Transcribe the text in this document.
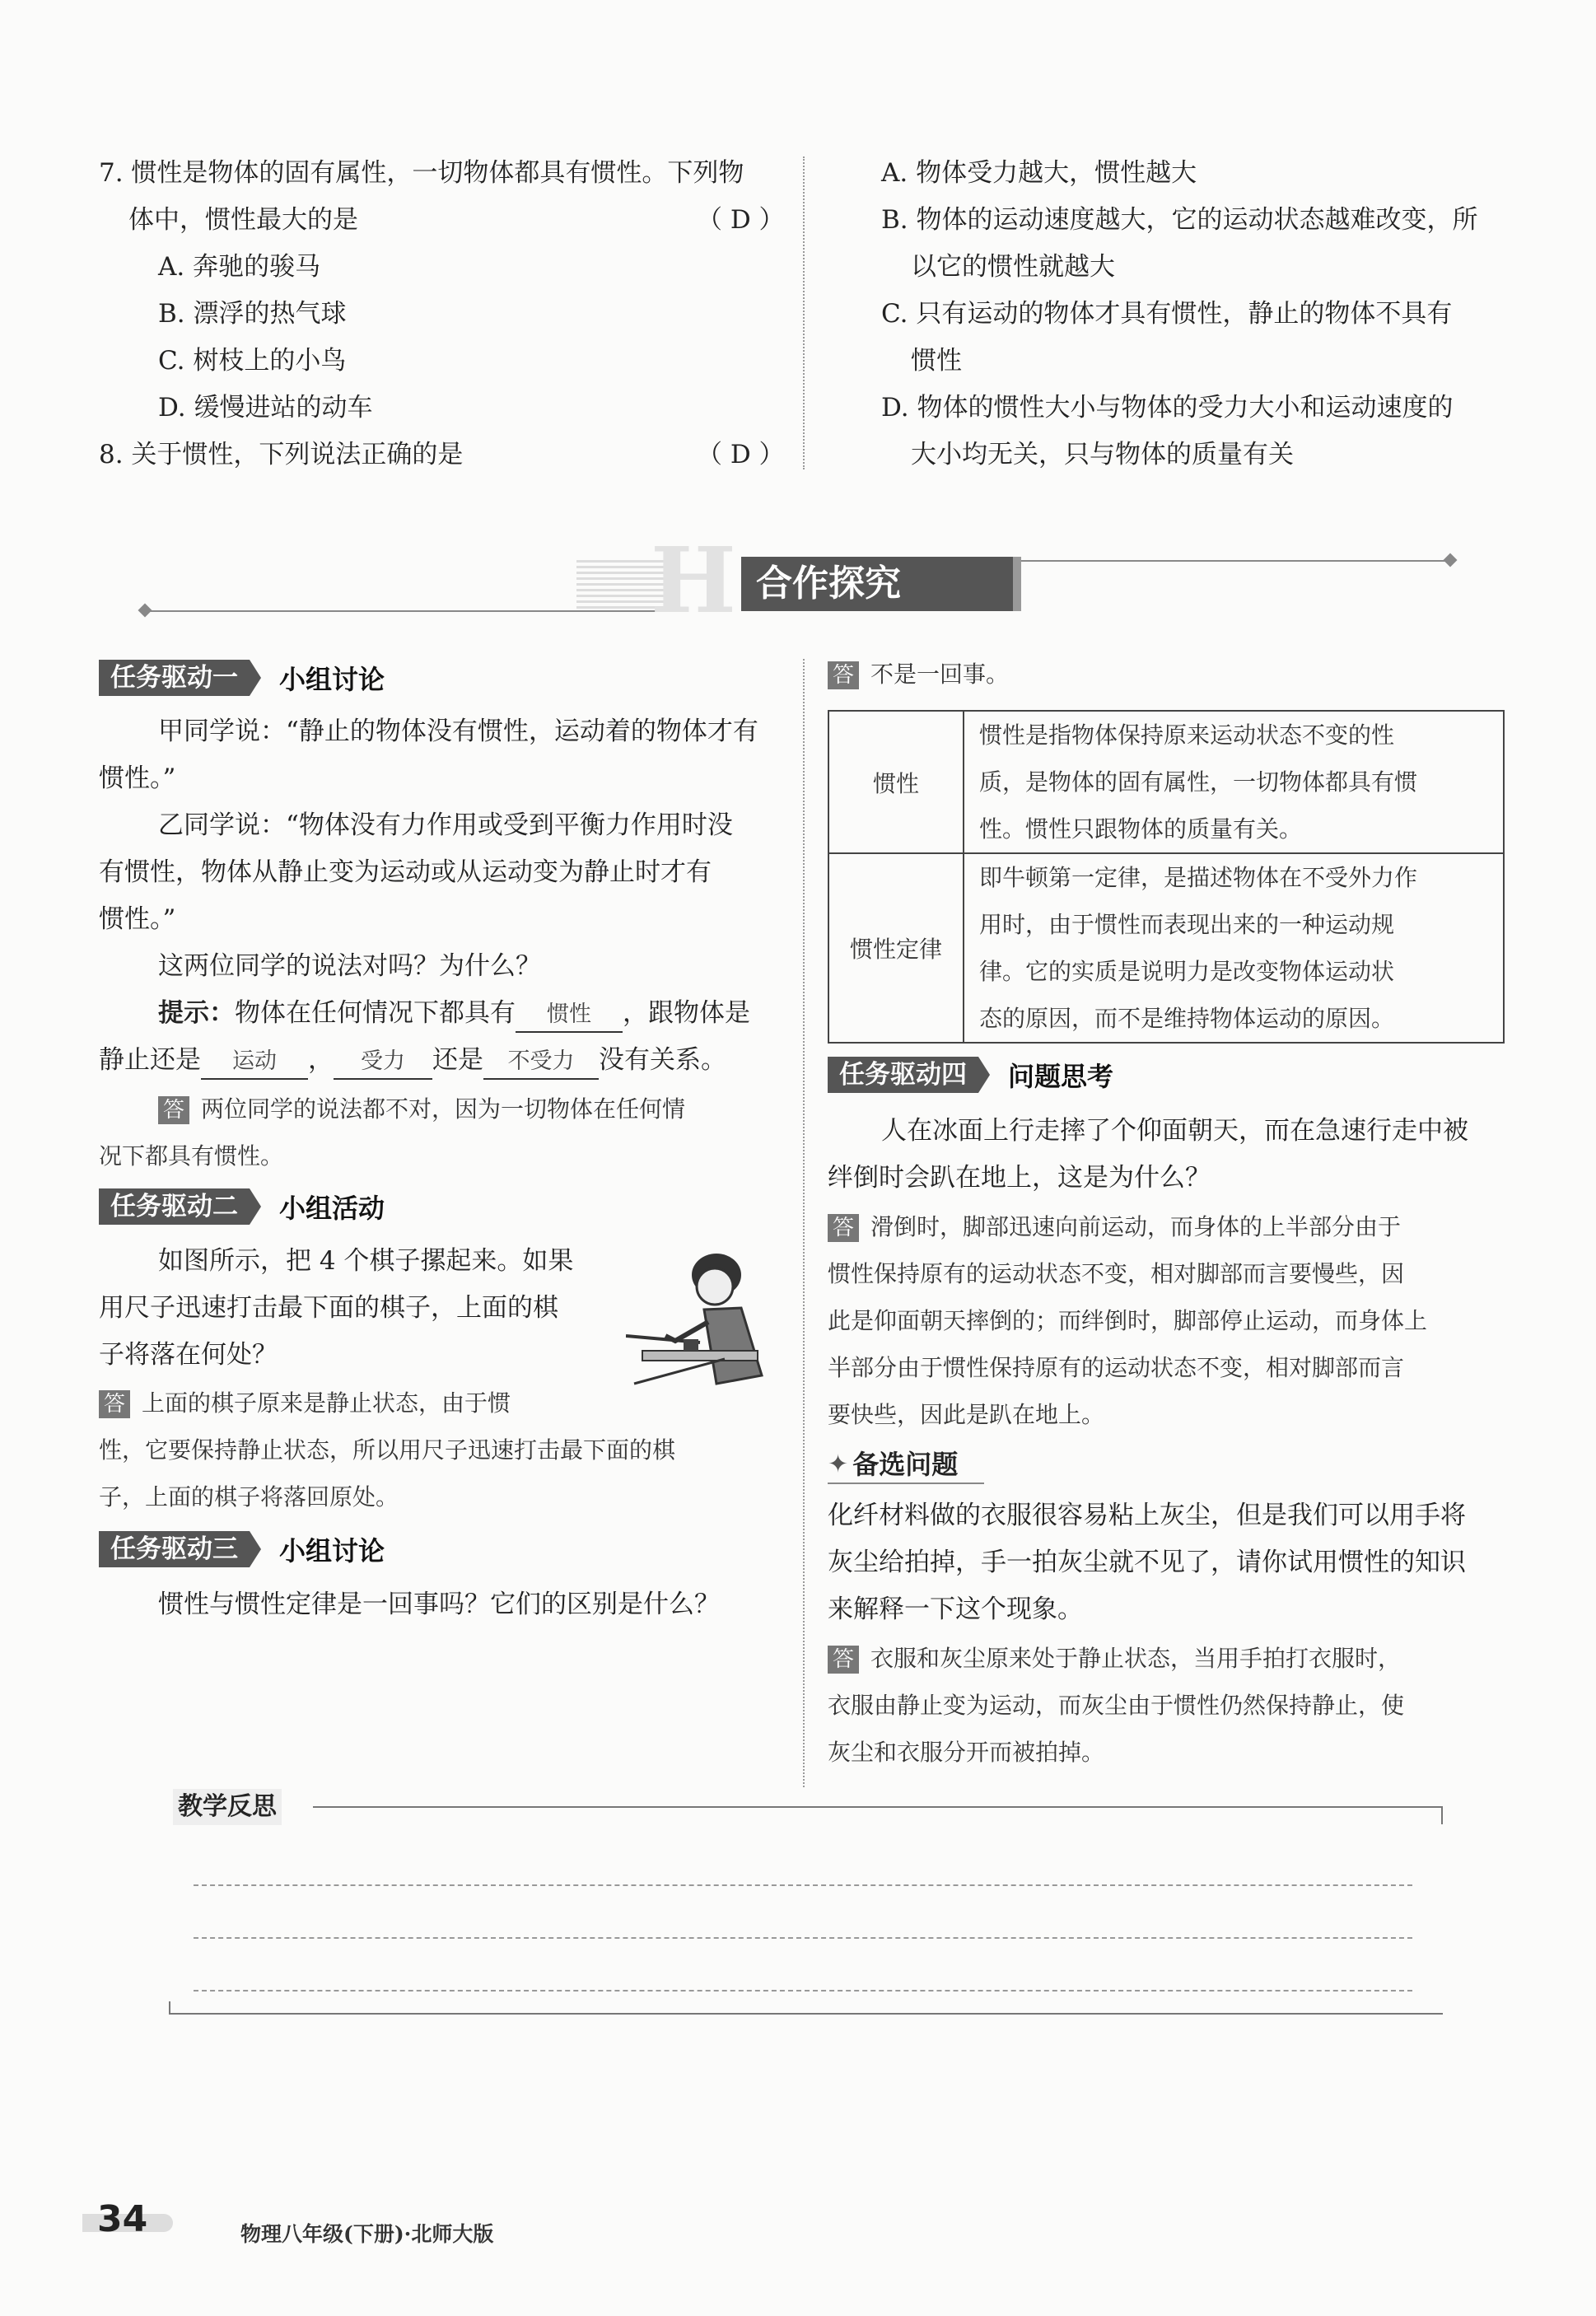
7. 惯性是物体的固有属性，一切物体都具有惯性。下列物
体中，惯性最大的是	（ D ）
A. 奔驰的骏马
B. 漂浮的热气球
C. 树枝上的小鸟
D. 缓慢进站的动车
8. 关于惯性，下列说法正确的是	（ D ）
A. 物体受力越大，惯性越大
B. 物体的运动速度越大，它的运动状态越难改变，所
以它的惯性就越大
C. 只有运动的物体才具有惯性，静止的物体不具有
惯性
D. 物体的惯性大小与物体的受力大小和运动速度的
大小均无关，只与物体的质量有关
H 合作探究
任务驱动一 小组讨论
甲同学说：“静止的物体没有惯性，运动着的物体才有
惯性。”
乙同学说：“物体没有力作用或受到平衡力作用时没
有惯性，物体从静止变为运动或从运动变为静止时才有
惯性。”
这两位同学的说法对吗？为什么？
提示：物体在任何情况下都具有 惯性 ，跟物体是
静止还是 运动 ， 受力 还是 不受力 没有关系。
答 两位同学的说法都不对，因为一切物体在任何情
况下都具有惯性。
任务驱动二 小组活动
如图所示，把 4 个棋子摞起来。如果
用尺子迅速打击最下面的棋子，上面的棋
子将落在何处？
答 上面的棋子原来是静止状态，由于惯
性，它要保持静止状态，所以用尺子迅速打击最下面的棋
子，上面的棋子将落回原处。
任务驱动三 小组讨论
惯性与惯性定律是一回事吗？它们的区别是什么？
答 不是一回事。
惯性	惯性是指物体保持原来运动状态不变的性
质，是物体的固有属性，一切物体都具有惯
性。惯性只跟物体的质量有关。

惯性定律	即牛顿第一定律，是描述物体在不受外力作
用时，由于惯性而表现出来的一种运动规
律。它的实质是说明力是改变物体运动状
态的原因，而不是维持物体运动的原因。
任务驱动四 问题思考
人在冰面上行走摔了个仰面朝天，而在急速行走中被
绊倒时会趴在地上，这是为什么？
答 滑倒时，脚部迅速向前运动，而身体的上半部分由于
惯性保持原有的运动状态不变，相对脚部而言要慢些，因
此是仰面朝天摔倒的；而绊倒时，脚部停止运动，而身体上
半部分由于惯性保持原有的运动状态不变，相对脚部而言
要快些，因此是趴在地上。
✦ 备选问题
化纤材料做的衣服很容易粘上灰尘，但是我们可以用手将
灰尘给拍掉，手一拍灰尘就不见了，请你试用惯性的知识
来解释一下这个现象。
答 衣服和灰尘原来处于静止状态，当用手拍打衣服时，
衣服由静止变为运动，而灰尘由于惯性仍然保持静止，使
灰尘和衣服分开而被拍掉。
教学反思
34	物理八年级(下册)·北师大版
